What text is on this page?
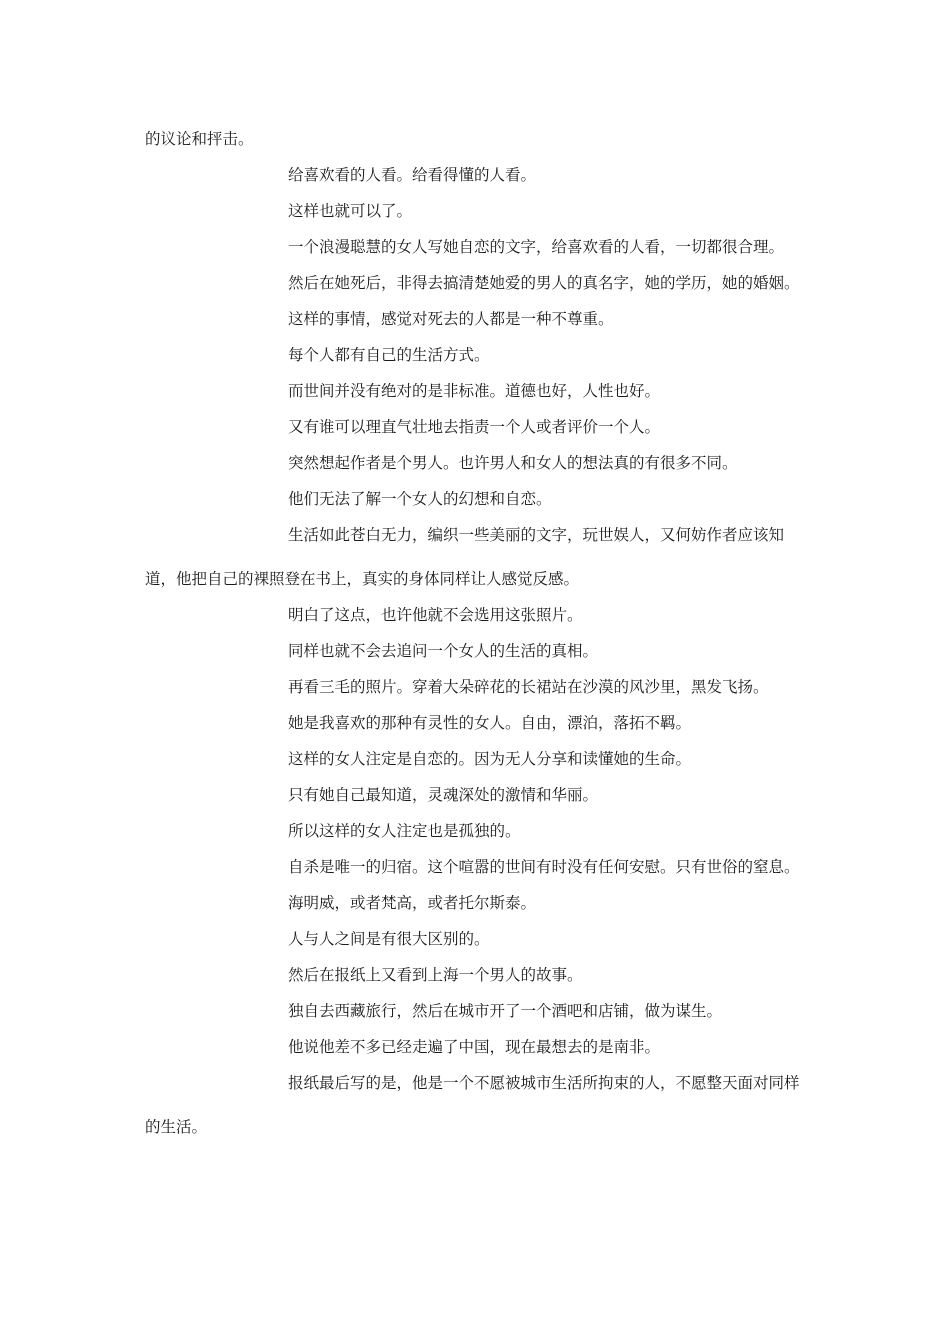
的议论和抨击。

给喜欢看的人看。给看得懂的人看。

这样也就可以了。

一个浪漫聪慧的女人写她自恋的文字，给喜欢看的人看，一切都很合理。

然后在她死后，非得去搞清楚她爱的男人的真名字，她的学历，她的婚姻。

这样的事情，感觉对死去的人都是一种不尊重。

每个人都有自己的生活方式。

而世间并没有绝对的是非标准。道德也好，人性也好。

又有谁可以理直气壮地去指责一个人或者评价一个人。

突然想起作者是个男人。也许男人和女人的想法真的有很多不同。

他们无法了解一个女人的幻想和自恋。

生活如此苍白无力，编织一些美丽的文字，玩世娱人，又何妨作者应该知道，他把自己的裸照登在书上，真实的身体同样让人感觉反感。

明白了这点，也许他就不会选用这张照片。

同样也就不会去追问一个女人的生活的真相。

再看三毛的照片。穿着大朵碎花的长裙站在沙漠的风沙里，黑发飞扬。

她是我喜欢的那种有灵性的女人。自由，漂泊，落拓不羁。

这样的女人注定是自恋的。因为无人分享和读懂她的生命。

只有她自己最知道，灵魂深处的激情和华丽。

所以这样的女人注定也是孤独的。

自杀是唯一的归宿。这个喧嚣的世间有时没有任何安慰。只有世俗的窒息。

海明威，或者梵高，或者托尔斯泰。

人与人之间是有很大区别的。

然后在报纸上又看到上海一个男人的故事。

独自去西藏旅行，然后在城市开了一个酒吧和店铺，做为谋生。

他说他差不多已经走遍了中国，现在最想去的是南非。

报纸最后写的是，他是一个不愿被城市生活所拘束的人，不愿整天面对同样的生活。
